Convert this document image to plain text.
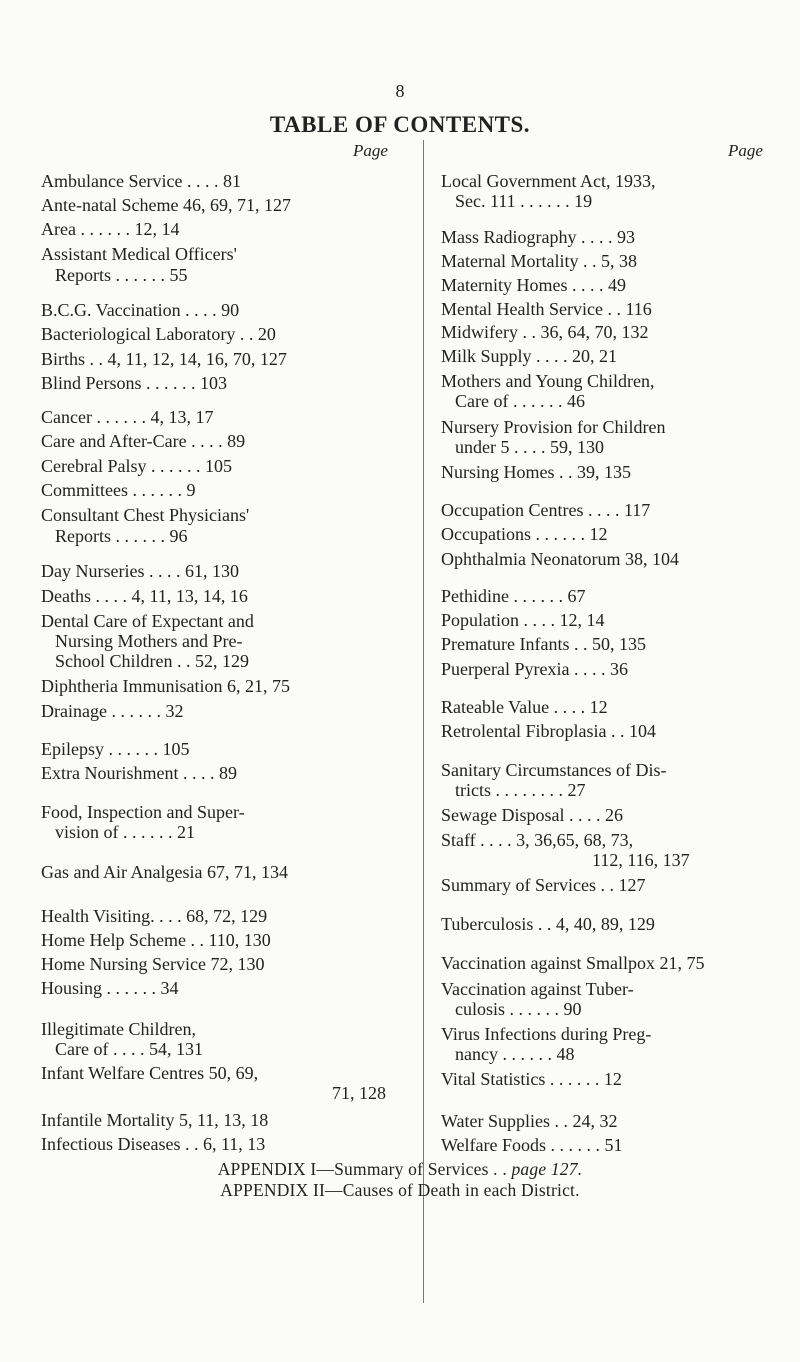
8
TABLE OF CONTENTS.
Page	Page
Ambulance Service . . . . 81
Ante-natal Scheme 46, 69, 71, 127
Area . . . . . . 12, 14
Assistant Medical Officers'
Reports . . . . . . 55
B.C.G. Vaccination . . . . 90
Bacteriological Laboratory . . 20
Births . . 4, 11, 12, 14, 16, 70, 127
Blind Persons . . . . . . 103
Cancer . . . . . . 4, 13, 17
Care and After-Care . . . . 89
Cerebral Palsy . . . . . . 105
Committees . . . . . . 9
Consultant Chest Physicians'
Reports . . . . . . 96
Day Nurseries . . . . 61, 130
Deaths . . . . 4, 11, 13, 14, 16
Dental Care of Expectant and
Nursing Mothers and Pre-
School Children . . 52, 129
Diphtheria Immunisation 6, 21, 75
Drainage . . . . . . 32
Epilepsy . . . . . . 105
Extra Nourishment . . . . 89
Food, Inspection and Super-
vision of . . . . . . 21
Gas and Air Analgesia 67, 71, 134
Health Visiting. . . . 68, 72, 129
Home Help Scheme . . 110, 130
Home Nursing Service 72, 130
Housing . . . . . . 34
Illegitimate Children,
Care of . . . . 54, 131
Infant Welfare Centres 50, 69,
71, 128
Infantile Mortality 5, 11, 13, 18
Infectious Diseases . . 6, 11, 13
Local Government Act, 1933,
Sec. 111 . . . . . . 19
Mass Radiography . . . . 93
Maternal Mortality . . 5, 38
Maternity Homes . . . . 49
Mental Health Service . . 116
Midwifery . . 36, 64, 70, 132
Milk Supply . . . . 20, 21
Mothers and Young Children,
Care of . . . . . . 46
Nursery Provision for Children
under 5 . . . . 59, 130
Nursing Homes . . 39, 135
Occupation Centres . . . . 117
Occupations . . . . . . 12
Ophthalmia Neonatorum 38, 104
Pethidine . . . . . . 67
Population . . . . 12, 14
Premature Infants . . 50, 135
Puerperal Pyrexia . . . . 36
Rateable Value . . . . 12
Retrolental Fibroplasia . . 104
Sanitary Circumstances of Dis-
tricts . . . . . . . . 27
Sewage Disposal . . . . 26
Staff . . . . 3, 36,65, 68, 73,
112, 116, 137
Summary of Services . . 127
Tuberculosis . . 4, 40, 89, 129
Vaccination against Smallpox 21, 75
Vaccination against Tuber-
culosis . . . . . . 90
Virus Infections during Preg-
nancy . . . . . . 48
Vital Statistics . . . . . . 12
Water Supplies . . 24, 32
Welfare Foods . . . . . . 51
APPENDIX I—Summary of Services . . page 127.
APPENDIX II—Causes of Death in each District.
